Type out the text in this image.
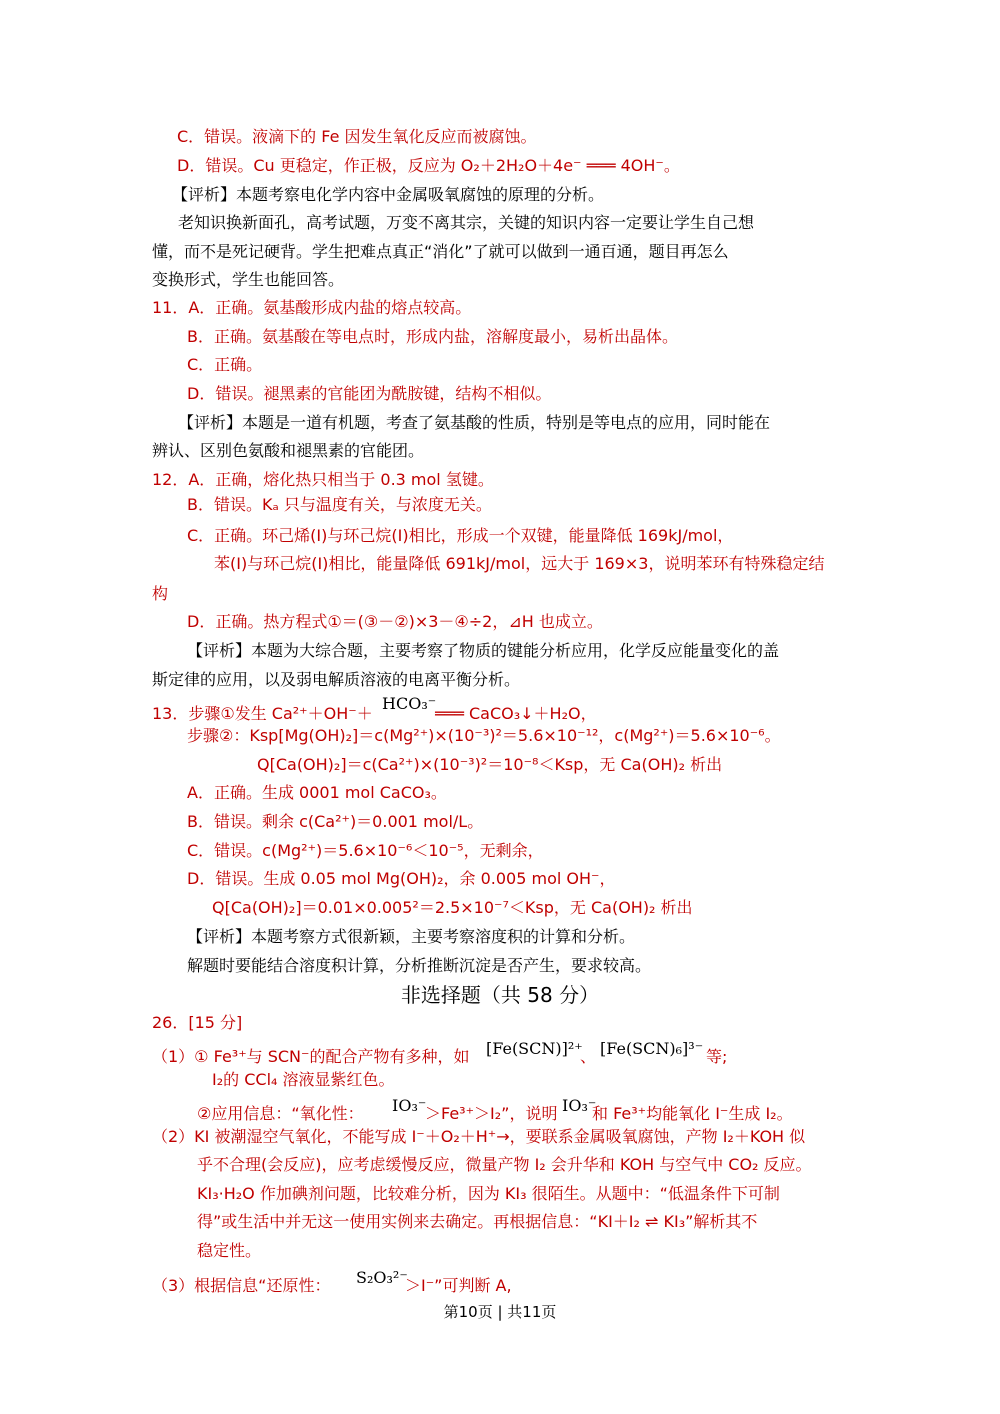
C．错误。液滴下的 Fe 因发生氧化反应而被腐蚀。
D．错误。Cu 更稳定，作正极，反应为 O₂＋2H₂O＋4e⁻ ═══ 4OH⁻。
【评析】本题考察电化学内容中金属吸氧腐蚀的原理的分析。
老知识换新面孔，高考试题，万变不离其宗，关键的知识内容一定要让学生自己想
懂，而不是死记硬背。学生把难点真正“消化”了就可以做到一通百通，题目再怎么
变换形式，学生也能回答。
11．A．正确。氨基酸形成内盐的熔点较高。
B．正确。氨基酸在等电点时，形成内盐，溶解度最小，易析出晶体。
C．正确。
D．错误。褪黑素的官能团为酰胺键，结构不相似。
【评析】本题是一道有机题，考查了氨基酸的性质，特别是等电点的应用，同时能在
辨认、区别色氨酸和褪黑素的官能团。
12．A．正确，熔化热只相当于 0.3 mol 氢键。
B．错误。Kₐ 只与温度有关，与浓度无关。
C．正确。环己烯(I)与环己烷(I)相比，形成一个双键，能量降低 169kJ/mol，
苯(I)与环己烷(I)相比，能量降低 691kJ/mol，远大于 169×3，说明苯环有特殊稳定结
构
D．正确。热方程式①＝(③－②)×3－④÷2，⊿H 也成立。
【评析】本题为大综合题，主要考察了物质的键能分析应用，化学反应能量变化的盖
斯定律的应用，以及弱电解质溶液的电离平衡分析。
13．步骤①发生 Ca²⁺＋OH⁻＋
HCO₃⁻
═══ CaCO₃↓＋H₂O，
步骤②：Ksp[Mg(OH)₂]＝c(Mg²⁺)×(10⁻³)²＝5.6×10⁻¹²，c(Mg²⁺)＝5.6×10⁻⁶。
Q[Ca(OH)₂]＝c(Ca²⁺)×(10⁻³)²＝10⁻⁸＜Ksp，无 Ca(OH)₂ 析出
A．正确。生成 0001 mol CaCO₃。
B．错误。剩余 c(Ca²⁺)＝0.001 mol/L。
C．错误。c(Mg²⁺)＝5.6×10⁻⁶＜10⁻⁵，无剩余，
D．错误。生成 0.05 mol Mg(OH)₂，余 0.005 mol OH⁻，
Q[Ca(OH)₂]＝0.01×0.005²＝2.5×10⁻⁷＜Ksp，无 Ca(OH)₂ 析出
【评析】本题考察方式很新颖，主要考察溶度积的计算和分析。
解题时要能结合溶度积计算，分析推断沉淀是否产生，要求较高。
26．[15 分]
（1）① Fe³⁺与 SCN⁻的配合产物有多种，如 [Fe(SCN)]²⁺
、 [Fe(SCN)₆]³⁻ 等;
I₂的 CCl₄ 溶液显紫红色。
②应用信息：“氧化性： IO₃⁻
＞Fe³⁺＞I₂”，说明 IO₃⁻
和 Fe³⁺均能氧化 I⁻生成 I₂。
（2）KI 被潮湿空气氧化，不能写成 I⁻＋O₂＋H⁺→，要联系金属吸氧腐蚀，产物 I₂＋KOH 似
乎不合理(会反应)，应考虑缓慢反应，微量产物 I₂ 会升华和 KOH 与空气中 CO₂ 反应。
KI₃·H₂O 作加碘剂问题，比较难分析，因为 KI₃ 很陌生。从题中：“低温条件下可制
得”或生活中并无这一使用实例来去确定。再根据信息：“KI＋I₂ ⇌ KI₃”解析其不
稳定性。
（3）根据信息“还原性： S₂O₃²⁻
＞I⁻”可判断 A,
非选择题（共 58 分）
第10页 | 共11页
